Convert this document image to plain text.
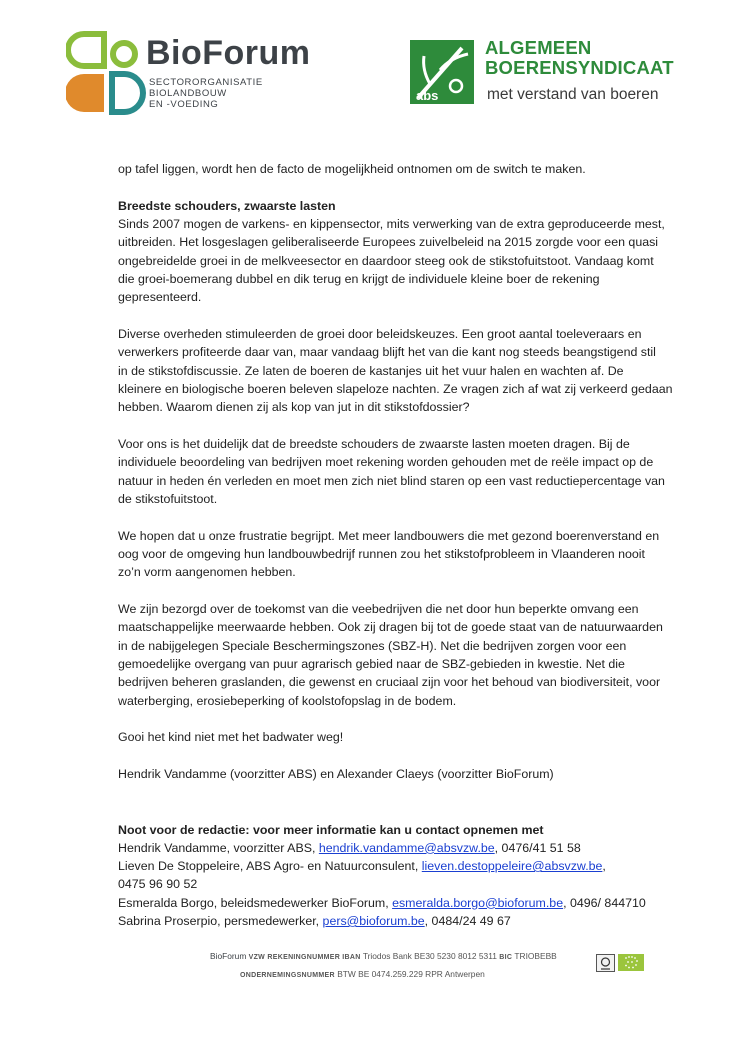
BioForum
SECTORORGANISATIE
BIOLANDBOUW
EN -VOEDING
abs
ALGEMEEN
BOERENSYNDICAAT
met verstand van boeren

op tafel liggen, wordt hen de facto de mogelijkheid ontnomen om de switch te maken.

Breedste schouders, zwaarste lasten

Sinds 2007 mogen de varkens- en kippensector, mits verwerking van de extra geproduceerde mest,
uitbreiden. Het losgeslagen geliberaliseerde Europees zuivelbeleid na 2015 zorgde voor een quasi
ongebreidelde groei in de melkveesector en daardoor steeg ook de stikstofuitstoot. Vandaag komt
die groei-boemerang dubbel en dik terug en krijgt de individuele kleine boer de rekening
gepresenteerd.

Diverse overheden stimuleerden de groei door beleidskeuzes. Een groot aantal toeleveraars en
verwerkers profiteerde daar van, maar vandaag blijft het van die kant nog steeds beangstigend stil
in de stikstofdiscussie. Ze laten de boeren de kastanjes uit het vuur halen en wachten af. De
kleinere en biologische boeren beleven slapeloze nachten. Ze vragen zich af wat zij verkeerd gedaan
hebben. Waarom dienen zij als kop van jut in dit stikstofdossier?

Voor ons is het duidelijk dat de breedste schouders de zwaarste lasten moeten dragen. Bij de
individuele beoordeling van bedrijven moet rekening worden gehouden met de reële impact op de
natuur in heden én verleden en moet men zich niet blind staren op een vast reductiepercentage van
de stikstofuitstoot.

We hopen dat u onze frustratie begrijpt. Met meer landbouwers die met gezond boerenverstand en
oog voor de omgeving hun landbouwbedrijf runnen zou het stikstofprobleem in Vlaanderen nooit
zo’n vorm aangenomen hebben.

We zijn bezorgd over de toekomst van die veebedrijven die net door hun beperkte omvang een
maatschappelijke meerwaarde hebben. Ook zij dragen bij tot de goede staat van de natuurwaarden
in de nabijgelegen Speciale Beschermingszones (SBZ-H). Net die bedrijven zorgen voor een
gemoedelijke overgang van puur agrarisch gebied naar de SBZ-gebieden in kwestie. Net die
bedrijven beheren graslanden, die gewenst en cruciaal zijn voor het behoud van biodiversiteit, voor
waterberging, erosiebeperking of koolstofopslag in de bodem.

Gooi het kind niet met het badwater weg!

Hendrik Vandamme (voorzitter ABS) en Alexander Claeys (voorzitter BioForum)

Noot voor de redactie: voor meer informatie kan u contact opnemen met

Hendrik Vandamme, voorzitter ABS, hendrik.vandamme@absvzw.be, 0476/41 51 58

Lieven De Stoppeleire, ABS Agro- en Natuurconsulent, lieven.destoppeleire@absvzw.be,

0475 96 90 52

Esmeralda Borgo, beleidsmedewerker BioForum, esmeralda.borgo@bioforum.be, 0496/ 844710

Sabrina Proserpio, persmedewerker, pers@bioforum.be, 0484/24 49 67

BioForum VZW REKENINGNUMMER IBAN Triodos Bank BE30 5230 8012 5311 BIC TRIOBEBB
ONDERNEMINGSNUMMER BTW BE 0474.259.229 RPR Antwerpen
